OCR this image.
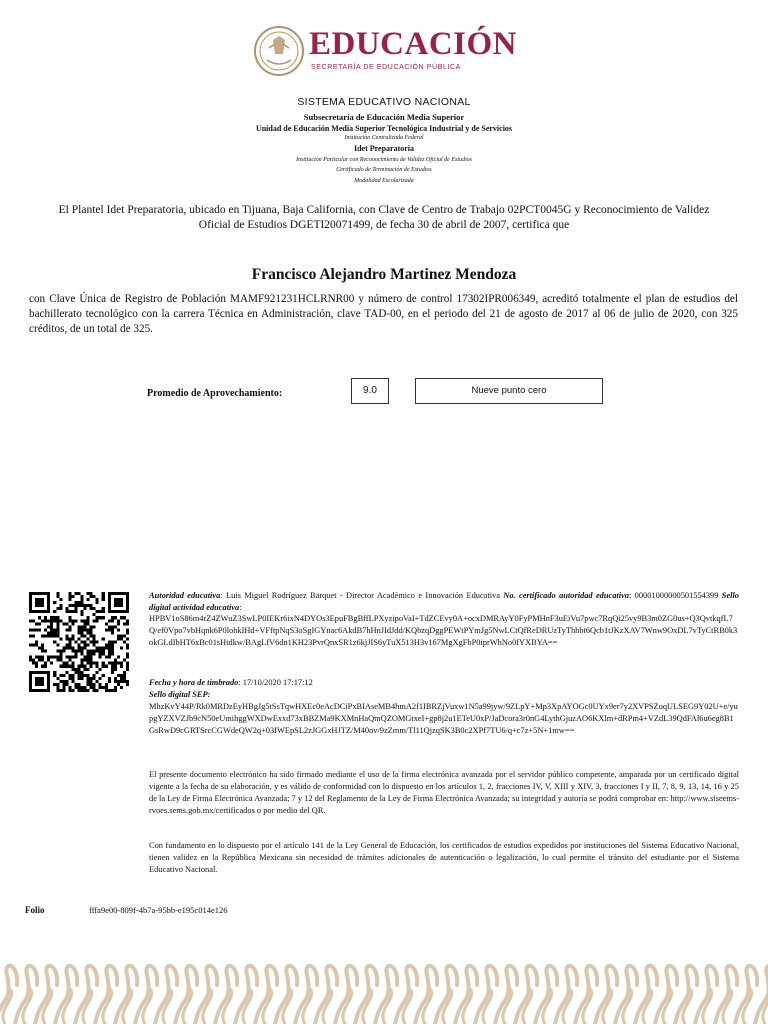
EDUCACIÓN
SECRETARÍA DE EDUCACIÓN PÚBLICA
SISTEMA EDUCATIVO NACIONAL
Subsecretaría de Educación Media Superior
Unidad de Educación Media Superior Tecnológica Industrial y de Servicios
Institución Centralizada Federal
Idet Preparatoria
Institución Particular con Reconocimiento de Validez Oficial de Estudios
Certificado de Terminación de Estudios
Modalidad Escolarizada
El Plantel Idet Preparatoria, ubicado en Tijuana, Baja California, con Clave de Centro de Trabajo 02PCT0045G y Reconocimiento de Validez Oficial de Estudios DGETI20071499, de fecha 30 de abril de 2007, certifica que
Francisco Alejandro Martinez Mendoza
con Clave Única de Registro de Población MAMF921231HCLRNR00 y número de control 17302IPR006349, acreditó totalmente el plan de estudios del bachillerato tecnológico con la carrera Técnica en Administración, clave TAD-00, en el periodo del 21 de agosto de 2017 al 06 de julio de 2020, con 325 créditos, de un total de 325.
Promedio de Aprovechamiento:	9.0	Nueve punto cero
Autoridad educativa: Luis Miguel Rodríguez Barquet - Director Académico e Innovación Educativa No. certificado autoridad educativa: 00001000000501554399 Sello digital actividad educativa:
HPBV1oS86m4rZ4ZWuZ3SwLP0IEKr6ixN4DYOs3EpuFBgBffLPXyzipoVaI+TdZCEvy0A+ocxDMRAyY0FyPMHnF3uEiVu7pwc7RqQi25vy9B3m0ZG0us+Q3QvtkqfL7Q/ef0Vpo7vbHqnk6P0lohkIHd+VFftpNqS3oSgIGYnac6AkdB7hHnJIdJdd/KQbzqDggPEWtPYmJg5NwLCtQfReDRUzTyThhbt6Qcb1tJKzXAV7Wnw9OxDL7vTyCtRB0k3okGLdIbHT6xBc01sHtdkw/BAgLfV6dn1KH23PvrQnxSR1z6kjJIS6yTuX513H3v167MgXgFbP0iprWhNo0fYXBYA==
Fecha y hora de timbrado: 17/10/2020 17:17:12
Sello digital SEP:
MhzKvY44P/Rk0MRDzEyHBgJg5tSsTqwHXEc0eAcDCiPxBIAseMB4hmA2f1IBRZjVuxw1N5a99jyw/9ZLpY+Mp3XpAYOGc0UYx9er7y2XVPSZoqULSEG9Y02U+e/yupgYZXVZJb9cN50eUmihggWXDwExxd73xBBZMa9KXMnHaQmQZOMGtxeI+gp8j2u1ETeU0xP/JaDcora3r0nG4LythGjuzAO6KXlm+dRPm4+VZdL39QdFAl6u6eg8B1GsRwD9cGRTSrcCGWdeQW2q+03IWEpSL2zJGGxHJTZ/M40ov/9zZmm/Tl11QjzqSK3B0c2XPf7TU6/q+c7z+5N+1mw==
El presente documento electrónico ha sido firmado mediante el uso de la firma electrónica avanzada por el servidor público competente, amparada por un certificado digital vigente a la fecha de su elaboración, y es válido de conformidad con lo dispuesto en los artículos 1, 2, fracciones IV, V, XIII y XIV, 3, fracciones I y II, 7, 8, 9, 13, 14, 16 y 25 de la Ley de Firma Electrónica Avanzada; 7 y 12 del Reglamento de la Ley de Firma Electrónica Avanzada; su integridad y autoría se podrá comprobar en: http://www.siseems-rvoes.sems.gob.mx/certificados o por medio del QR.
Con fundamento en lo dispuesto por el artículo 141 de la Ley General de Educación, los certificados de estudios expedidos por instituciones del Sistema Educativo Nacional, tienen validez en la República Mexicana sin necesidad de trámites adicionales de autenticación o legalización, lo cual permite el tránsito del estudiante por el Sistema Educativo Nacional.
Folio	fffa9e00-809f-4b7a-95bb-e195c014e126
